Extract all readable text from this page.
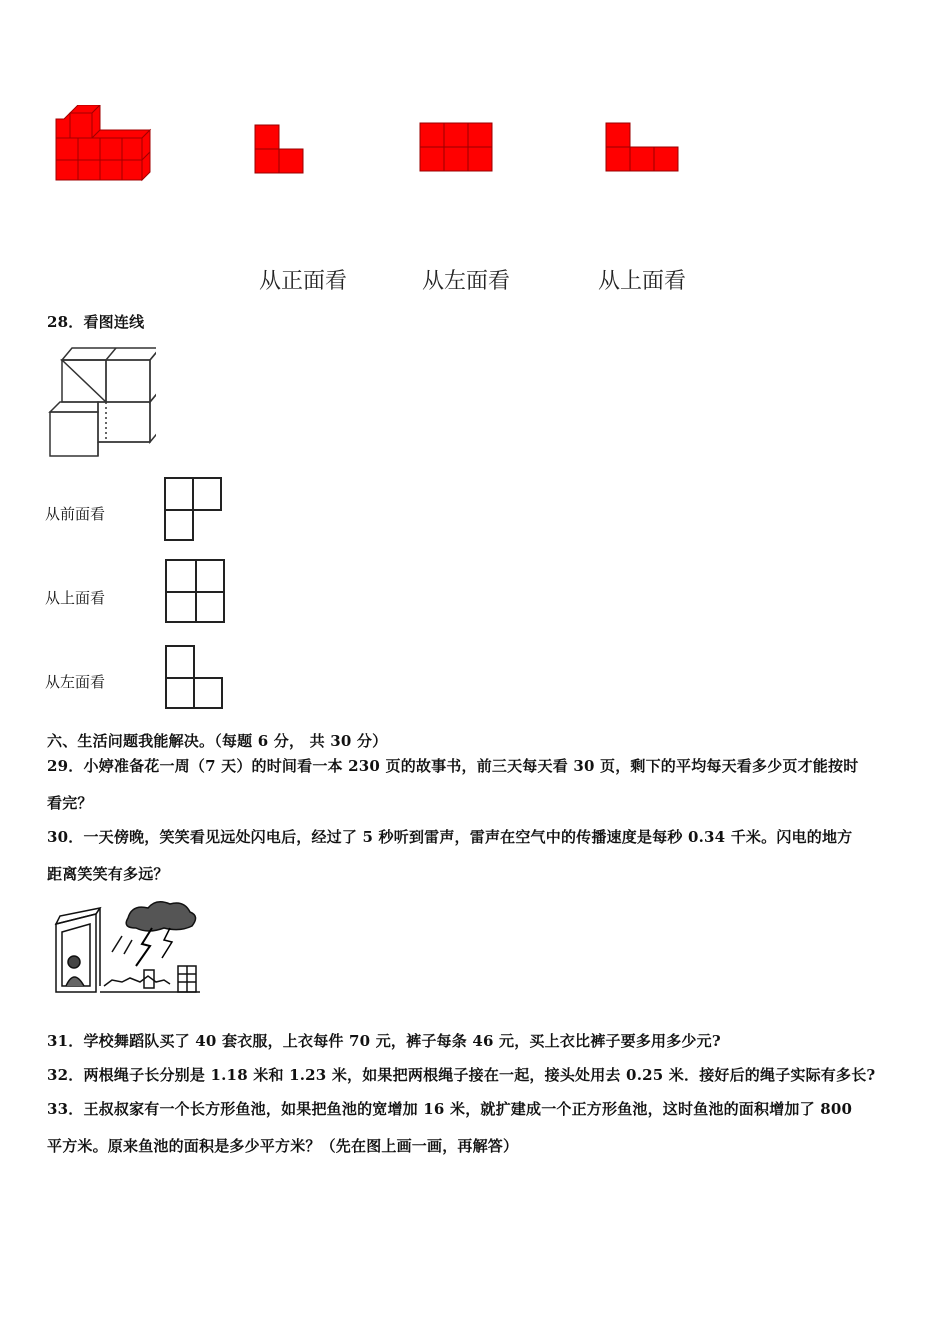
从正面看	从左面看	从上面看
28．看图连线
从前面看
从上面看
从左面看
六、生活问题我能解决。（每题 6 分， 共 30 分）
29．小婷准备花一周（7 天）的时间看一本 230 页的故事书，前三天每天看 30 页，剩下的平均每天看多少页才能按时
看完？
30．一天傍晚，笑笑看见远处闪电后，经过了 5 秒听到雷声，雷声在空气中的传播速度是每秒 0.34 千米。闪电的地方
距离笑笑有多远？
31．学校舞蹈队买了 40 套衣服，上衣每件 70 元，裤子每条 46 元，买上衣比裤子要多用多少元?
32．两根绳子长分别是 1.18 米和 1.23 米，如果把两根绳子接在一起，接头处用去 0.25 米．接好后的绳子实际有多长?
33．王叔叔家有一个长方形鱼池，如果把鱼池的宽增加 16 米，就扩建成一个正方形鱼池，这时鱼池的面积增加了 800
平方米。原来鱼池的面积是多少平方米？（先在图上画一画，再解答）
